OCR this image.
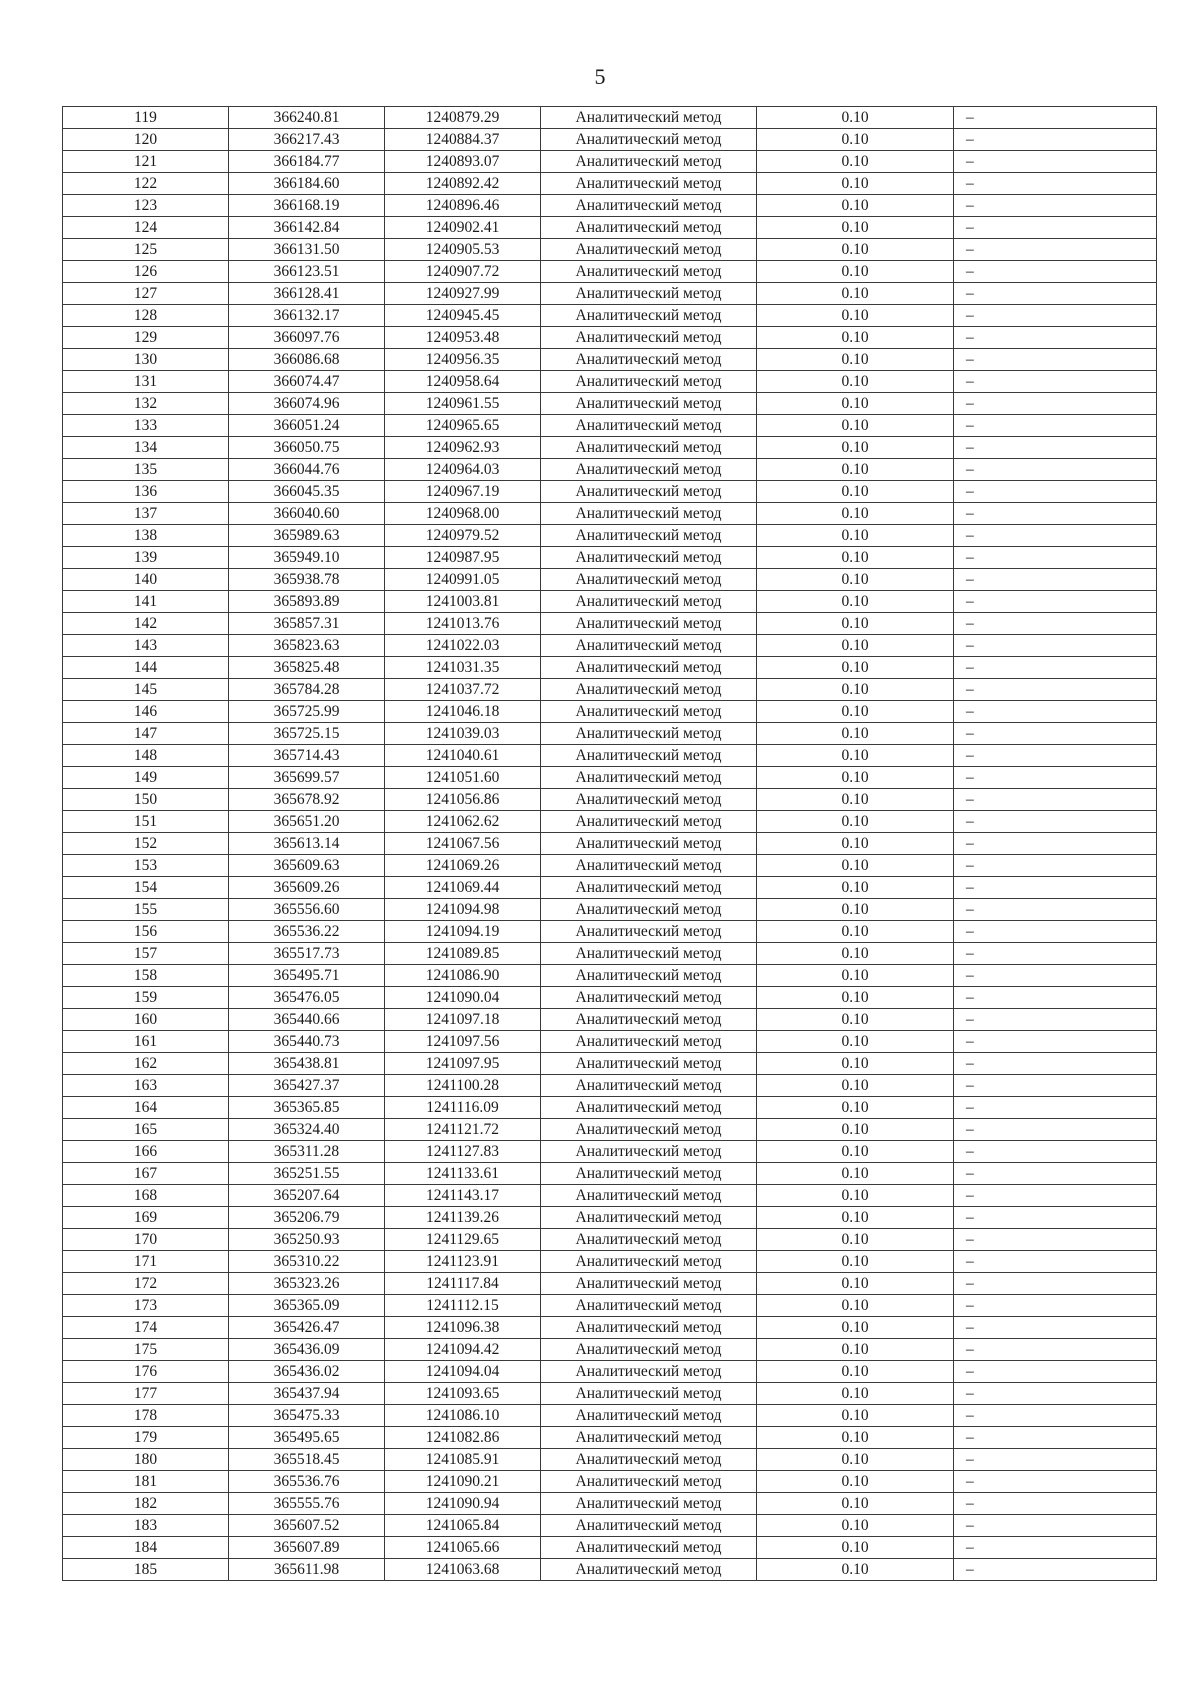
5
119	366240.81	1240879.29	Аналитический метод	0.10	–
120	366217.43	1240884.37	Аналитический метод	0.10	–
121	366184.77	1240893.07	Аналитический метод	0.10	–
122	366184.60	1240892.42	Аналитический метод	0.10	–
123	366168.19	1240896.46	Аналитический метод	0.10	–
124	366142.84	1240902.41	Аналитический метод	0.10	–
125	366131.50	1240905.53	Аналитический метод	0.10	–
126	366123.51	1240907.72	Аналитический метод	0.10	–
127	366128.41	1240927.99	Аналитический метод	0.10	–
128	366132.17	1240945.45	Аналитический метод	0.10	–
129	366097.76	1240953.48	Аналитический метод	0.10	–
130	366086.68	1240956.35	Аналитический метод	0.10	–
131	366074.47	1240958.64	Аналитический метод	0.10	–
132	366074.96	1240961.55	Аналитический метод	0.10	–
133	366051.24	1240965.65	Аналитический метод	0.10	–
134	366050.75	1240962.93	Аналитический метод	0.10	–
135	366044.76	1240964.03	Аналитический метод	0.10	–
136	366045.35	1240967.19	Аналитический метод	0.10	–
137	366040.60	1240968.00	Аналитический метод	0.10	–
138	365989.63	1240979.52	Аналитический метод	0.10	–
139	365949.10	1240987.95	Аналитический метод	0.10	–
140	365938.78	1240991.05	Аналитический метод	0.10	–
141	365893.89	1241003.81	Аналитический метод	0.10	–
142	365857.31	1241013.76	Аналитический метод	0.10	–
143	365823.63	1241022.03	Аналитический метод	0.10	–
144	365825.48	1241031.35	Аналитический метод	0.10	–
145	365784.28	1241037.72	Аналитический метод	0.10	–
146	365725.99	1241046.18	Аналитический метод	0.10	–
147	365725.15	1241039.03	Аналитический метод	0.10	–
148	365714.43	1241040.61	Аналитический метод	0.10	–
149	365699.57	1241051.60	Аналитический метод	0.10	–
150	365678.92	1241056.86	Аналитический метод	0.10	–
151	365651.20	1241062.62	Аналитический метод	0.10	–
152	365613.14	1241067.56	Аналитический метод	0.10	–
153	365609.63	1241069.26	Аналитический метод	0.10	–
154	365609.26	1241069.44	Аналитический метод	0.10	–
155	365556.60	1241094.98	Аналитический метод	0.10	–
156	365536.22	1241094.19	Аналитический метод	0.10	–
157	365517.73	1241089.85	Аналитический метод	0.10	–
158	365495.71	1241086.90	Аналитический метод	0.10	–
159	365476.05	1241090.04	Аналитический метод	0.10	–
160	365440.66	1241097.18	Аналитический метод	0.10	–
161	365440.73	1241097.56	Аналитический метод	0.10	–
162	365438.81	1241097.95	Аналитический метод	0.10	–
163	365427.37	1241100.28	Аналитический метод	0.10	–
164	365365.85	1241116.09	Аналитический метод	0.10	–
165	365324.40	1241121.72	Аналитический метод	0.10	–
166	365311.28	1241127.83	Аналитический метод	0.10	–
167	365251.55	1241133.61	Аналитический метод	0.10	–
168	365207.64	1241143.17	Аналитический метод	0.10	–
169	365206.79	1241139.26	Аналитический метод	0.10	–
170	365250.93	1241129.65	Аналитический метод	0.10	–
171	365310.22	1241123.91	Аналитический метод	0.10	–
172	365323.26	1241117.84	Аналитический метод	0.10	–
173	365365.09	1241112.15	Аналитический метод	0.10	–
174	365426.47	1241096.38	Аналитический метод	0.10	–
175	365436.09	1241094.42	Аналитический метод	0.10	–
176	365436.02	1241094.04	Аналитический метод	0.10	–
177	365437.94	1241093.65	Аналитический метод	0.10	–
178	365475.33	1241086.10	Аналитический метод	0.10	–
179	365495.65	1241082.86	Аналитический метод	0.10	–
180	365518.45	1241085.91	Аналитический метод	0.10	–
181	365536.76	1241090.21	Аналитический метод	0.10	–
182	365555.76	1241090.94	Аналитический метод	0.10	–
183	365607.52	1241065.84	Аналитический метод	0.10	–
184	365607.89	1241065.66	Аналитический метод	0.10	–
185	365611.98	1241063.68	Аналитический метод	0.10	–
